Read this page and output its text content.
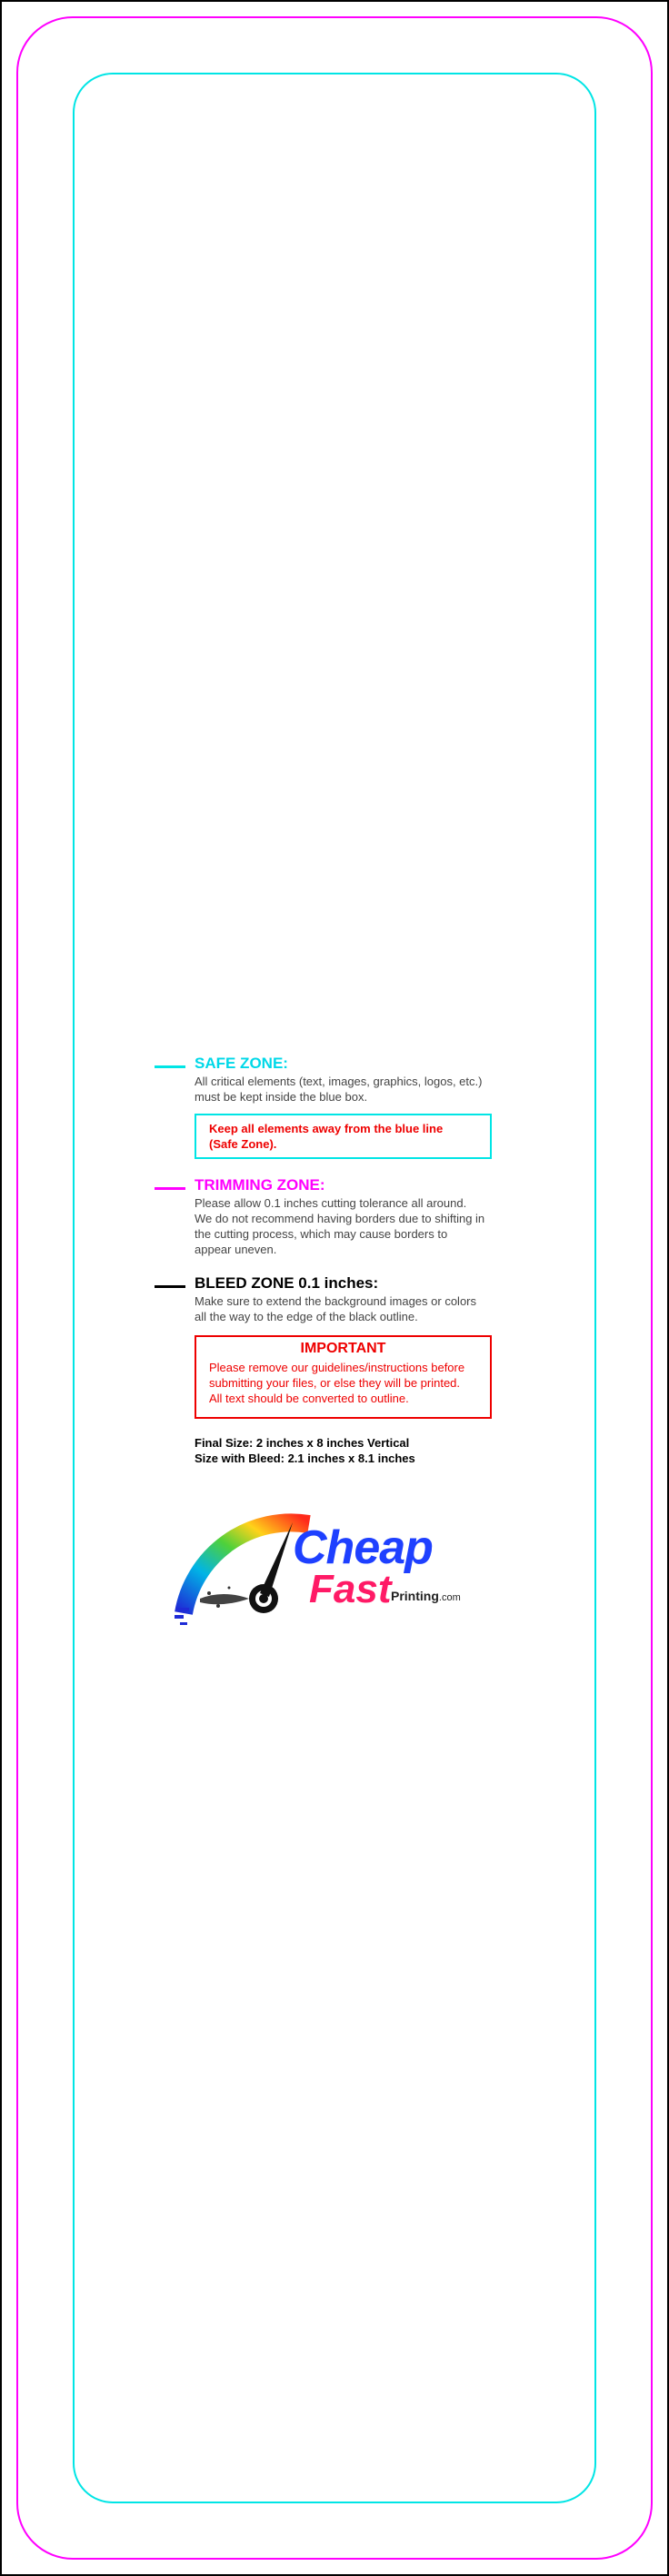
SAFE ZONE:

All critical elements (text, images, graphics, logos, etc.)

must be kept inside the blue box.

Keep all elements away from the blue line
(Safe Zone).

TRIMMING ZONE:

Please allow 0.1 inches cutting tolerance all around.

We do not recommend having borders due to shifting in

the cutting process, which may cause borders to

appear uneven.

BLEED ZONE 0.1 inches:

Make sure to extend the background images or colors

all the way to the edge of the black outline.

IMPORTANT
Please remove our guidelines/instructions before
submitting your files, or else they will be printed.
All text should be converted to outline.
Final Size: 2 inches x 8 inches Vertical
Size with Bleed: 2.1 inches x 8.1 inches
Cheap
Fast Printing.com
